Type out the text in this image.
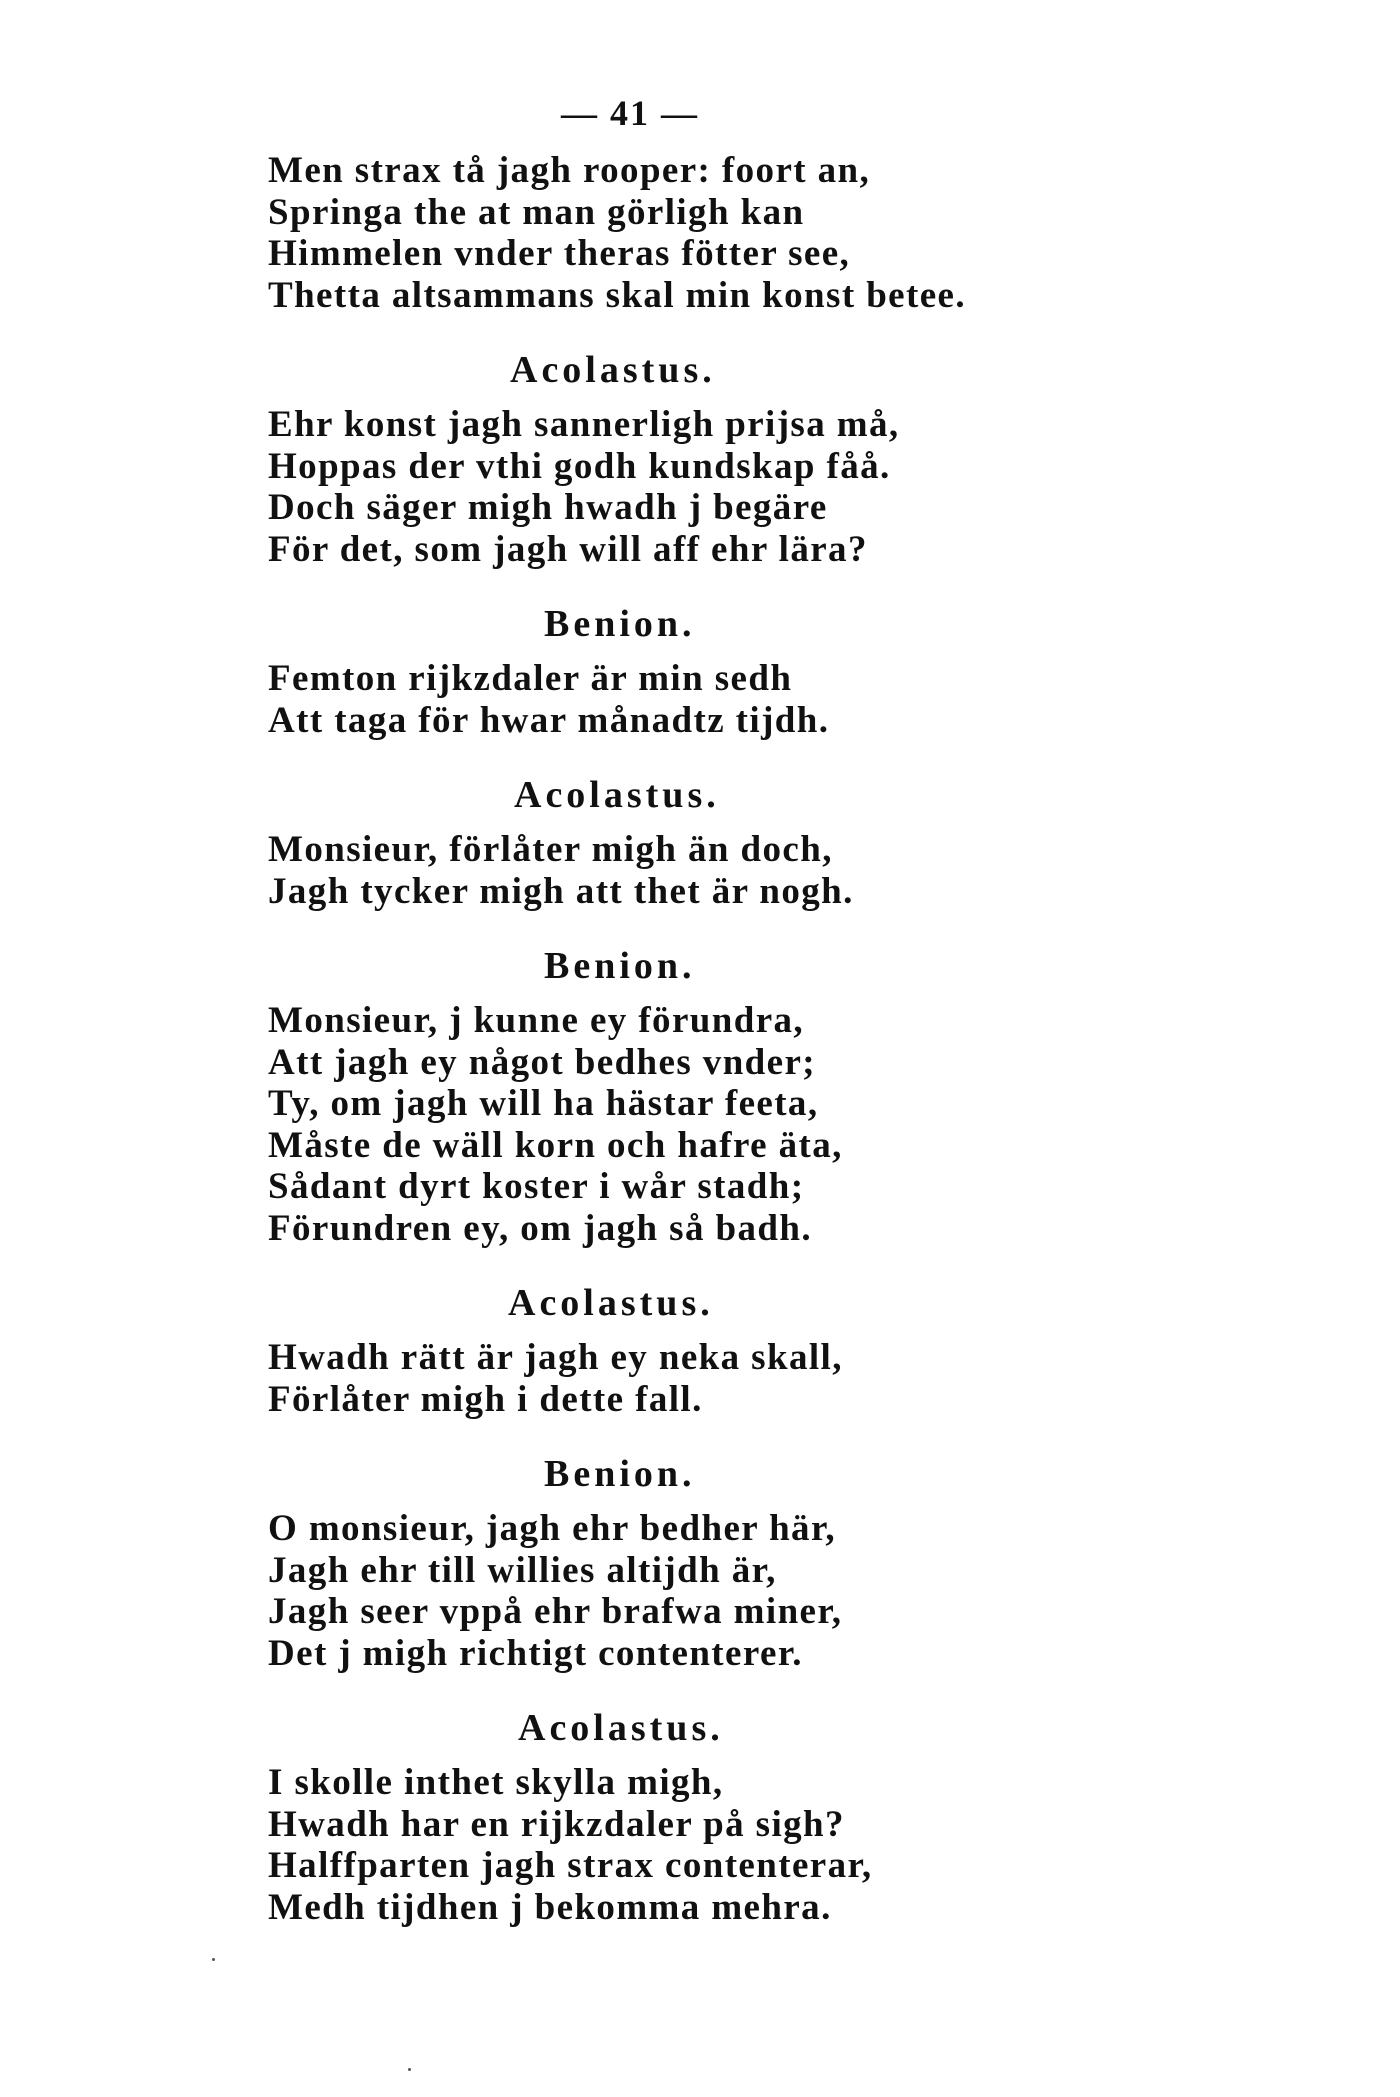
— 41 —
Men strax tå jagh rooper: foort an,
Springa the at man görligh kan
Himmelen vnder theras fötter see,
Thetta altsammans skal min konst betee.
Acolastus.
Ehr konst jagh sannerligh prijsa må,
Hoppas der vthi godh kundskap fåå.
Doch säger migh hwadh j begäre
För det, som jagh will aff ehr lära?
Benion.
Femton rijkzdaler är min sedh
Att taga för hwar månadtz tijdh.
Acolastus.
Monsieur, förlåter migh än doch,
Jagh tycker migh att thet är nogh.
Benion.
Monsieur, j kunne ey förundra,
Att jagh ey något bedhes vnder;
Ty, om jagh will ha hästar feeta,
Måste de wäll korn och hafre äta,
Sådant dyrt koster i wår stadh;
Förundren ey, om jagh så badh.
Acolastus.
Hwadh rätt är jagh ey neka skall,
Förlåter migh i dette fall.
Benion.
O monsieur, jagh ehr bedher här,
Jagh ehr till willies altijdh är,
Jagh seer vppå ehr brafwa miner,
Det j migh richtigt contenterer.
Acolastus.
I skolle inthet skylla migh,
Hwadh har en rijkzdaler på sigh?
Halffparten jagh strax contenterar,
Medh tijdhen j bekomma mehra.
